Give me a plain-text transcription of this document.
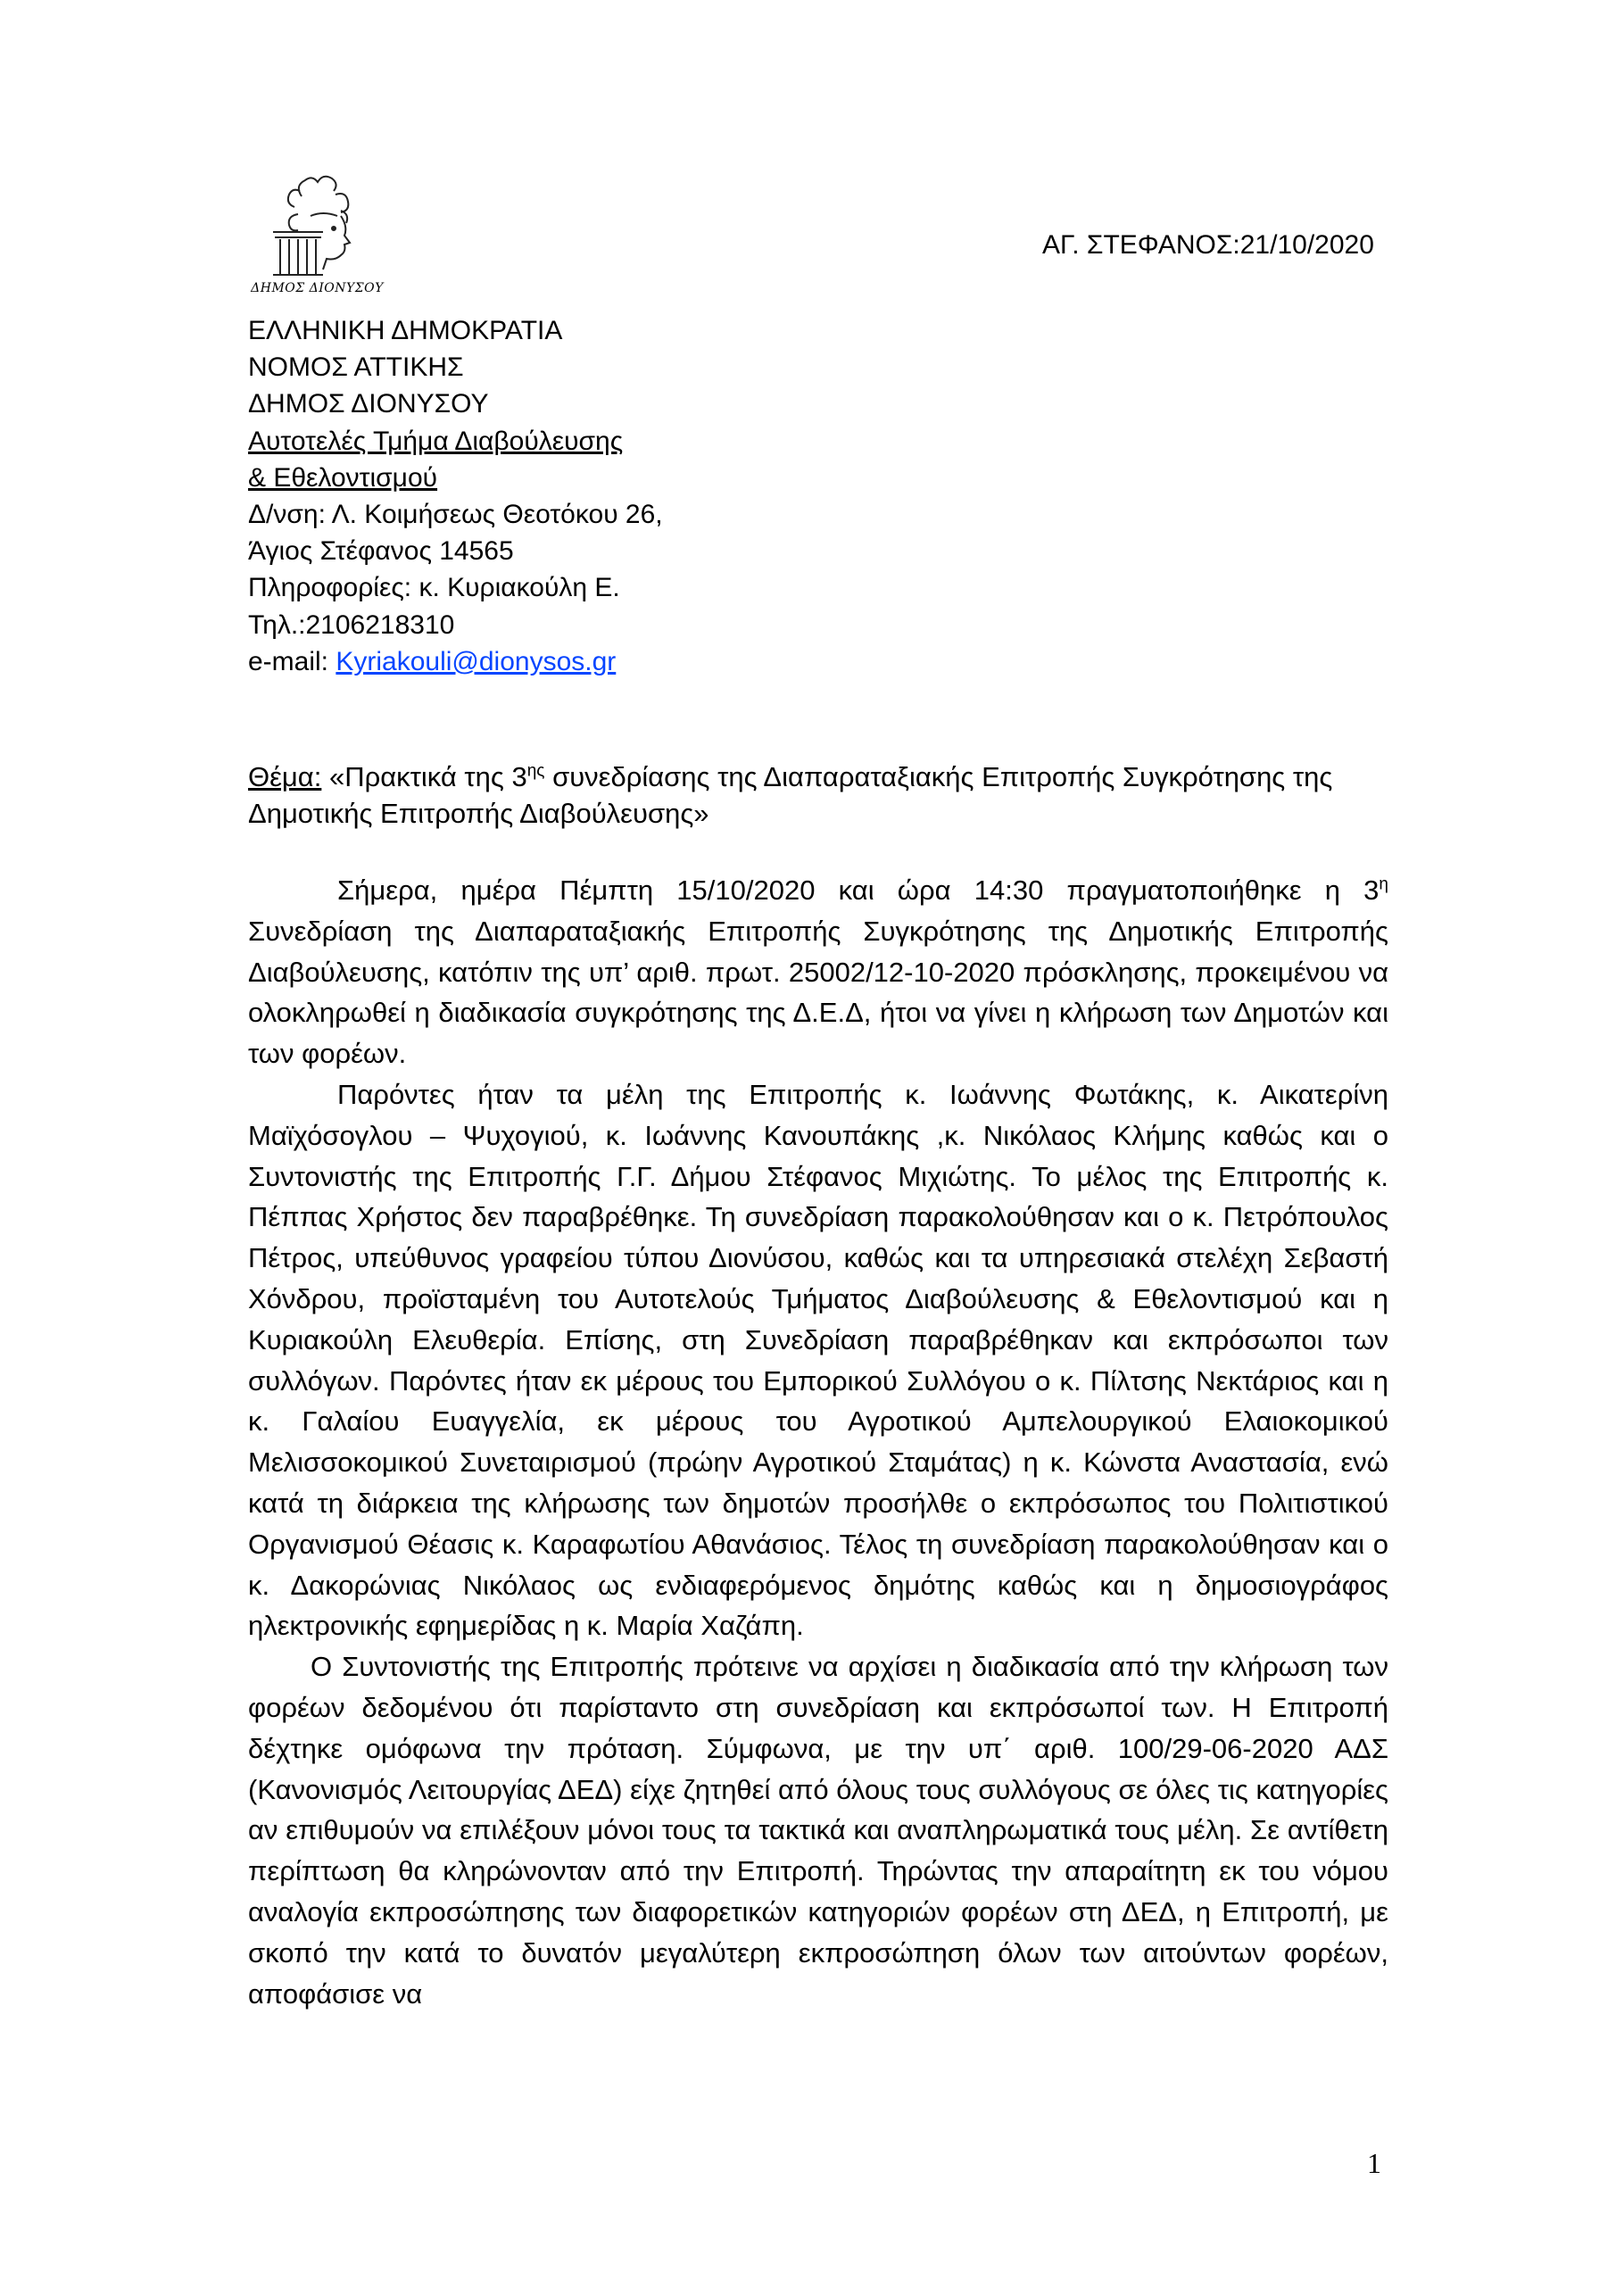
ΔΗΜΟΣ ΔΙΟΝΥΣΟΥ
ΑΓ. ΣΤΕΦΑΝΟΣ:21/10/2020
ΕΛΛΗΝΙΚΗ ΔΗΜΟΚΡΑΤΙΑ
ΝΟΜΟΣ ΑΤΤΙΚΗΣ
ΔΗΜΟΣ ΔΙΟΝΥΣΟΥ
Αυτοτελές Τμήμα Διαβούλευσης
& Εθελοντισμού
Δ/νση: Λ. Κοιμήσεως Θεοτόκου 26,
Άγιος Στέφανος 14565
Πληροφορίες: κ. Κυριακούλη Ε.
Τηλ.:2106218310
e-mail: Kyriakouli@dionysos.gr
Θέμα: «Πρακτικά της $3^{\eta\varsigma}$ συνεδρίασης της Διαπαραταξιακής Επιτροπής Συγκρότησης της Δημοτικής Επιτροπής Διαβούλευσης»

Σήμερα, ημέρα Πέμπτη 15/10/2020 και ώρα 14:30 πραγματοποιήθηκε η $3^\eta$ Συνεδρίαση της Διαπαραταξιακής Επιτροπής Συγκρότησης της Δημοτικής Επιτροπής Διαβούλευσης, κατόπιν της υπ’ αριθ. πρωτ. 25002/12-10-2020 πρόσκλησης, προκειμένου να ολοκληρωθεί η διαδικασία συγκρότησης της Δ.Ε.Δ, ήτοι να γίνει η κλήρωση των Δημοτών και των φορέων.

Παρόντες ήταν τα μέλη της Επιτροπής κ. Ιωάννης Φωτάκης, κ. Αικατερίνη Μαϊχόσογλου – Ψυχογιού, κ. Ιωάννης Κανουπάκης ,κ. Νικόλαος Κλήμης καθώς και ο Συντονιστής της Επιτροπής Γ.Γ. Δήμου Στέφανος Μιχιώτης. Το μέλος της Επιτροπής κ. Πέππας Χρήστος δεν παραβρέθηκε. Τη συνεδρίαση παρακολούθησαν και ο κ. Πετρόπουλος Πέτρος, υπεύθυνος γραφείου τύπου Διονύσου, καθώς και τα υπηρεσιακά στελέχη Σεβαστή Χόνδρου, προϊσταμένη του Αυτοτελούς Τμήματος Διαβούλευσης & Εθελοντισμού και η Κυριακούλη Ελευθερία. Επίσης, στη Συνεδρίαση παραβρέθηκαν και εκπρόσωποι των συλλόγων. Παρόντες ήταν εκ μέρους του Εμπορικού Συλλόγου ο κ. Πίλτσης Νεκτάριος και η κ. Γαλαίου Ευαγγελία, εκ μέρους του Αγροτικού Αμπελουργικού Ελαιοκομικού Μελισσοκομικού Συνεταιρισμού (πρώην Αγροτικού Σταμάτας) η κ. Κώνστα Αναστασία, ενώ κατά τη διάρκεια της κλήρωσης των δημοτών προσήλθε ο εκπρόσωπος του Πολιτιστικού Οργανισμού Θέασις κ. Καραφωτίου Αθανάσιος. Τέλος τη συνεδρίαση παρακολούθησαν και ο κ. Δακορώνιας Νικόλαος ως ενδιαφερόμενος δημότης καθώς και η δημοσιογράφος ηλεκτρονικής εφημερίδας η κ. Μαρία Χαζάπη.

Ο Συντονιστής της Επιτροπής πρότεινε να αρχίσει η διαδικασία από την κλήρωση των φορέων δεδομένου ότι παρίσταντο στη συνεδρίαση και εκπρόσωποί των. Η Επιτροπή δέχτηκε ομόφωνα την πρόταση. Σύμφωνα, με την υπ΄ αριθ. 100/29-06-2020 ΑΔΣ (Κανονισμός Λειτουργίας ΔΕΔ) είχε ζητηθεί από όλους τους συλλόγους σε όλες τις κατηγορίες αν επιθυμούν να επιλέξουν μόνοι τους τα τακτικά και αναπληρωματικά τους μέλη. Σε αντίθετη περίπτωση θα κληρώνονταν από την Επιτροπή. Τηρώντας την απαραίτητη εκ του νόμου αναλογία εκπροσώπησης των διαφορετικών κατηγοριών φορέων στη ΔΕΔ, η Επιτροπή, με σκοπό την κατά το δυνατόν μεγαλύτερη εκπροσώπηση όλων των αιτούντων φορέων, αποφάσισε να

1
